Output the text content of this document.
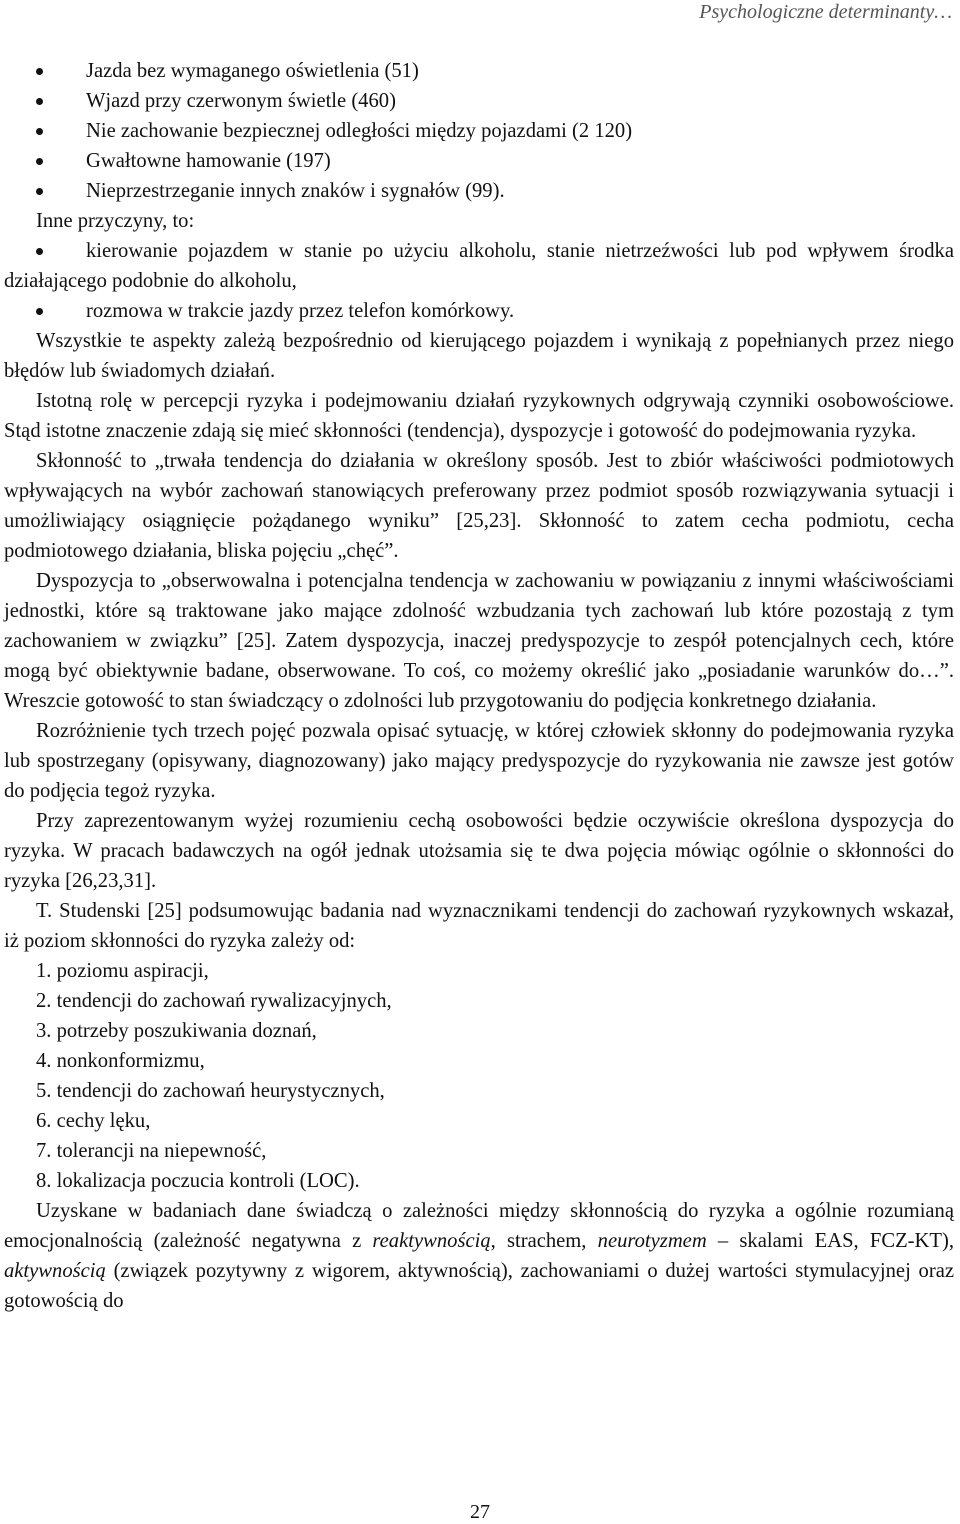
Psychologiczne determinanty…

Jazda bez wymaganego oświetlenia (51)

Wjazd przy czerwonym świetle (460)

Nie zachowanie bezpiecznej odległości między pojazdami (2 120)

Gwałtowne hamowanie (197)

Nieprzestrzeganie innych znaków i sygnałów (99).

Inne przyczyny, to:

kierowanie pojazdem w stanie po użyciu alkoholu, stanie nietrzeźwości lub pod wpływem środka działającego podobnie do alkoholu,

rozmowa w trakcie jazdy przez telefon komórkowy.

Wszystkie te aspekty zależą bezpośrednio od kierującego pojazdem i wynikają z popełnianych przez niego błędów lub świadomych działań.

Istotną rolę w percepcji ryzyka i podejmowaniu działań ryzykownych odgrywają czynniki osobowościowe. Stąd istotne znaczenie zdają się mieć skłonności (tendencja), dyspozycje i gotowość do podejmowania ryzyka.

Skłonność to „trwała tendencja do działania w określony sposób. Jest to zbiór właściwości podmiotowych wpływających na wybór zachowań stanowiących preferowany przez podmiot sposób rozwiązywania sytuacji i umożliwiający osiągnięcie pożądanego wyniku” [25,23]. Skłonność to zatem cecha podmiotu, cecha podmiotowego działania, bliska pojęciu „chęć”.

Dyspozycja to „obserwowalna i potencjalna tendencja w zachowaniu w powiązaniu z innymi właściwościami jednostki, które są traktowane jako mające zdolność wzbudzania tych zachowań lub które pozostają z tym zachowaniem w związku” [25]. Zatem dyspozycja, inaczej predyspozycje to zespół potencjalnych cech, które mogą być obiektywnie badane, obserwowane. To coś, co możemy określić jako „posiadanie warunków do…”. Wreszcie gotowość to stan świadczący o zdolności lub przygotowaniu do podjęcia konkretnego działania.

Rozróżnienie tych trzech pojęć pozwala opisać sytuację, w której człowiek skłonny do podejmowania ryzyka lub spostrzegany (opisywany, diagnozowany) jako mający predyspozycje do ryzykowania nie zawsze jest gotów do podjęcia tegoż ryzyka.

Przy zaprezentowanym wyżej rozumieniu cechą osobowości będzie oczywiście określona dyspozycja do ryzyka. W pracach badawczych na ogół jednak utożsamia się te dwa pojęcia mówiąc ogólnie o skłonności do ryzyka [26,23,31].

T. Studenski [25] podsumowując badania nad wyznacznikami tendencji do zachowań ryzykownych wskazał, iż poziom skłonności do ryzyka zależy od:

1. poziomu aspiracji,

2. tendencji do zachowań rywalizacyjnych,

3. potrzeby poszukiwania doznań,

4. nonkonformizmu,

5. tendencji do zachowań heurystycznych,

6. cechy lęku,

7. tolerancji na niepewność,

8. lokalizacja poczucia kontroli (LOC).

Uzyskane w badaniach dane świadczą o zależności między skłonnością do ryzyka a ogólnie rozumianą emocjonalnością (zależność negatywna z reaktywnością, strachem, neurotyzmem – skalami EAS, FCZ-KT), aktywnością (związek pozytywny z wigorem, aktywnością), zachowaniami o dużej wartości stymulacyjnej oraz gotowością do

27
